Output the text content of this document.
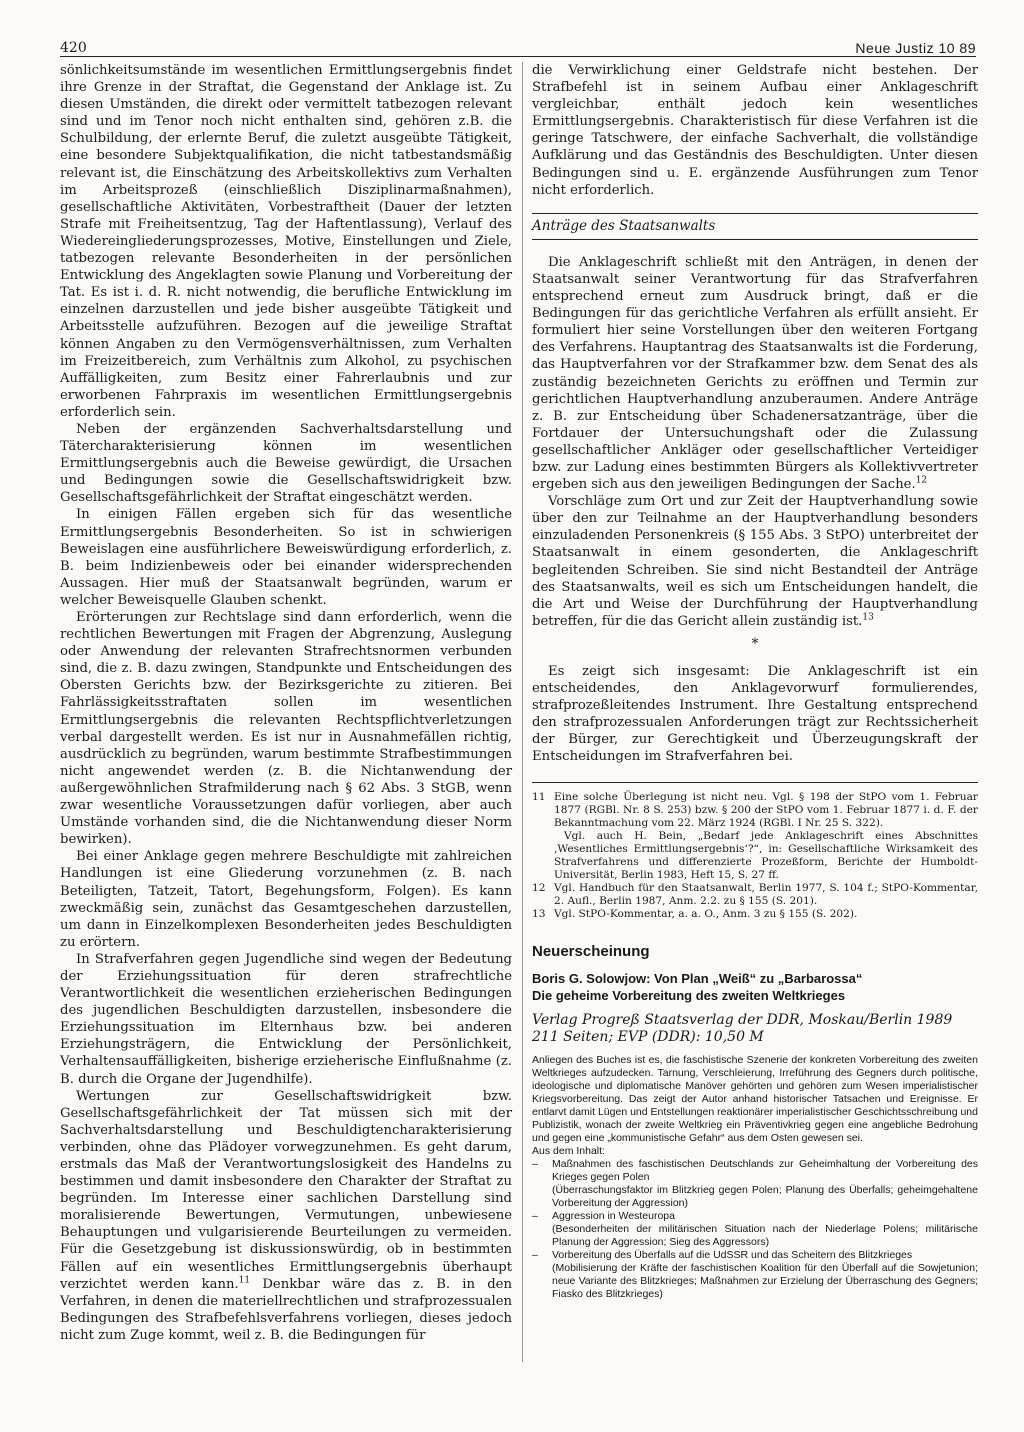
420	Neue Justiz 10 89

sönlichkeitsumstände im wesentlichen Ermittlungsergebnis findet ihre Grenze in der Straftat, die Gegenstand der Anklage ist. Zu diesen Umständen, die direkt oder vermittelt tatbezogen relevant sind und im Tenor noch nicht enthalten sind, gehören z.B. die Schulbildung, der erlernte Beruf, die zuletzt ausgeübte Tätigkeit, eine besondere Subjektqualifikation, die nicht tatbestandsmäßig relevant ist, die Einschätzung des Arbeitskollektivs zum Verhalten im Arbeitsprozeß (einschließlich Disziplinarmaßnahmen), gesellschaftliche Aktivitäten, Vorbestraftheit (Dauer der letzten Strafe mit Freiheitsentzug, Tag der Haftentlassung), Verlauf des Wiedereingliederungsprozesses, Motive, Einstellungen und Ziele, tatbezogen relevante Besonderheiten in der persönlichen Entwicklung des Angeklagten sowie Planung und Vorbereitung der Tat. Es ist i. d. R. nicht notwendig, die berufliche Entwicklung im einzelnen darzustellen und jede bisher ausgeübte Tätigkeit und Arbeitsstelle aufzuführen. Bezogen auf die jeweilige Straftat können Angaben zu den Vermögensverhältnissen, zum Verhalten im Freizeitbereich, zum Verhältnis zum Alkohol, zu psychischen Auffälligkeiten, zum Besitz einer Fahrerlaubnis und zur erworbenen Fahrpraxis im wesentlichen Ermittlungsergebnis erforderlich sein.

Neben der ergänzenden Sachverhaltsdarstellung und Tätercharakterisierung können im wesentlichen Ermittlungsergebnis auch die Beweise gewürdigt, die Ursachen und Bedingungen sowie die Gesellschaftswidrigkeit bzw. Gesellschaftsgefährlichkeit der Straftat eingeschätzt werden.

In einigen Fällen ergeben sich für das wesentliche Ermittlungsergebnis Besonderheiten. So ist in schwierigen Beweislagen eine ausführlichere Beweiswürdigung erforderlich, z. B. beim Indizienbeweis oder bei einander widersprechenden Aussagen. Hier muß der Staatsanwalt begründen, warum er welcher Beweisquelle Glauben schenkt.

Erörterungen zur Rechtslage sind dann erforderlich, wenn die rechtlichen Bewertungen mit Fragen der Abgrenzung, Auslegung oder Anwendung der relevanten Strafrechtsnormen verbunden sind, die z. B. dazu zwingen, Standpunkte und Entscheidungen des Obersten Gerichts bzw. der Bezirksgerichte zu zitieren. Bei Fahrlässigkeitsstraftaten sollen im wesentlichen Ermittlungsergebnis die relevanten Rechtspflichtverletzungen verbal dargestellt werden. Es ist nur in Ausnahmefällen richtig, ausdrücklich zu begründen, warum bestimmte Strafbestimmungen nicht angewendet werden (z. B. die Nichtanwendung der außergewöhnlichen Strafmilderung nach § 62 Abs. 3 StGB, wenn zwar wesentliche Voraussetzungen dafür vorliegen, aber auch Umstände vorhanden sind, die die Nichtanwendung dieser Norm bewirken).

Bei einer Anklage gegen mehrere Beschuldigte mit zahlreichen Handlungen ist eine Gliederung vorzunehmen (z. B. nach Beteiligten, Tatzeit, Tatort, Begehungsform, Folgen). Es kann zweckmäßig sein, zunächst das Gesamtgeschehen darzustellen, um dann in Einzelkomplexen Besonderheiten jedes Beschuldigten zu erörtern.

In Strafverfahren gegen Jugendliche sind wegen der Bedeutung der Erziehungssituation für deren strafrechtliche Verantwortlichkeit die wesentlichen erzieherischen Bedingungen des jugendlichen Beschuldigten darzustellen, insbesondere die Erziehungssituation im Elternhaus bzw. bei anderen Erziehungsträgern, die Entwicklung der Persönlichkeit, Verhaltensauffälligkeiten, bisherige erzieherische Einflußnahme (z. B. durch die Organe der Jugendhilfe).

Wertungen zur Gesellschaftswidrigkeit bzw. Gesellschaftsgefährlichkeit der Tat müssen sich mit der Sachverhaltsdarstellung und Beschuldigtencharakterisierung verbinden, ohne das Plädoyer vorwegzunehmen. Es geht darum, erstmals das Maß der Verantwortungslosigkeit des Handelns zu bestimmen und damit insbesondere den Charakter der Straftat zu begründen. Im Interesse einer sachlichen Darstellung sind moralisierende Bewertungen, Vermutungen, unbewiesene Behauptungen und vulgarisierende Beurteilungen zu vermeiden. Für die Gesetzgebung ist diskussionswürdig, ob in bestimmten Fällen auf ein wesentliches Ermittlungsergebnis überhaupt verzichtet werden kann.$^{11}$ Denkbar wäre das z. B. in den Verfahren, in denen die materiellrechtlichen und strafprozessualen Bedingungen des Strafbefehlsverfahrens vorliegen, dieses jedoch nicht zum Zuge kommt, weil z. B. die Bedingungen für

die Verwirklichung einer Geldstrafe nicht bestehen. Der Strafbefehl ist in seinem Aufbau einer Anklageschrift vergleichbar, enthält jedoch kein wesentliches Ermittlungsergebnis. Charakteristisch für diese Verfahren ist die geringe Tatschwere, der einfache Sachverhalt, die vollständige Aufklärung und das Geständnis des Beschuldigten. Unter diesen Bedingungen sind u. E. ergänzende Ausführungen zum Tenor nicht erforderlich.

Anträge des Staatsanwalts

Die Anklageschrift schließt mit den Anträgen, in denen der Staatsanwalt seiner Verantwortung für das Strafverfahren entsprechend erneut zum Ausdruck bringt, daß er die Bedingungen für das gerichtliche Verfahren als erfüllt ansieht. Er formuliert hier seine Vorstellungen über den weiteren Fortgang des Verfahrens. Hauptantrag des Staatsanwalts ist die Forderung, das Hauptverfahren vor der Strafkammer bzw. dem Senat des als zuständig bezeichneten Gerichts zu eröffnen und Termin zur gerichtlichen Hauptverhandlung anzuberaumen. Andere Anträge z. B. zur Entscheidung über Schadenersatzanträge, über die Fortdauer der Untersuchungshaft oder die Zulassung gesellschaftlicher Ankläger oder gesellschaftlicher Verteidiger bzw. zur Ladung eines bestimmten Bürgers als Kollektivvertreter ergeben sich aus den jeweiligen Bedingungen der Sache.$^{12}$

Vorschläge zum Ort und zur Zeit der Hauptverhandlung sowie über den zur Teilnahme an der Hauptverhandlung besonders einzuladenden Personenkreis (§ 155 Abs. 3 StPO) unterbreitet der Staatsanwalt in einem gesonderten, die Anklageschrift begleitenden Schreiben. Sie sind nicht Bestandteil der Anträge des Staatsanwalts, weil es sich um Entscheidungen handelt, die die Art und Weise der Durchführung der Hauptverhandlung betreffen, für die das Gericht allein zuständig ist.$^{13}$

*

Es zeigt sich insgesamt: Die Anklageschrift ist ein entscheidendes, den Anklagevorwurf formulierendes, strafprozeßleitendes Instrument. Ihre Gestaltung entsprechend den strafprozessualen Anforderungen trägt zur Rechtssicherheit der Bürger, zur Gerechtigkeit und Überzeugungskraft der Entscheidungen im Strafverfahren bei.

11 Eine solche Überlegung ist nicht neu. Vgl. § 198 der StPO vom 1. Februar 1877 (RGBl. Nr. 8 S. 253) bzw. § 200 der StPO vom 1. Februar 1877 i. d. F. der Bekanntmachung vom 22. März 1924 (RGBl. I Nr. 25 S. 322).
Vgl. auch H. Bein, „Bedarf jede Anklageschrift eines Abschnittes ‚Wesentliches Ermittlungsergebnis‘?“, in: Gesellschaftliche Wirksamkeit des Strafverfahrens und differenzierte Prozeßform, Berichte der Humboldt-Universität, Berlin 1983, Heft 15, S. 27 ff.
12 Vgl. Handbuch für den Staatsanwalt, Berlin 1977, S. 104 f.; StPO-Kommentar, 2. Aufl., Berlin 1987, Anm. 2.2. zu § 155 (S. 201).
13 Vgl. StPO-Kommentar, a. a. O., Anm. 3 zu § 155 (S. 202).
Neuerscheinung
Boris G. Solowjow: Von Plan „Weiß“ zu „Barbarossa“
Die geheime Vorbereitung des zweiten Weltkrieges
Verlag Progreß Staatsverlag der DDR, Moskau/Berlin 1989
211 Seiten; EVP (DDR): 10,50 M

Anliegen des Buches ist es, die faschistische Szenerie der konkreten Vorbereitung des zweiten Weltkrieges aufzudecken. Tarnung, Verschleierung, Irreführung des Gegners durch politische, ideologische und diplomatische Manöver gehörten und gehören zum Wesen imperialistischer Kriegsvorbereitung. Das zeigt der Autor anhand historischer Tatsachen und Ereignisse. Er entlarvt damit Lügen und Entstellungen reaktionärer imperialistischer Geschichtsschreibung und Publizistik, wonach der zweite Weltkrieg ein Präventivkrieg gegen eine angebliche Bedrohung und gegen eine „kommunistische Gefahr“ aus dem Osten gewesen sei.

Aus dem Inhalt:

–	Maßnahmen des faschistischen Deutschlands zur Geheimhaltung der Vorbereitung des Krieges gegen Polen
(Überraschungsfaktor im Blitzkrieg gegen Polen; Planung des Überfalls; geheimgehaltene Vorbereitung der Aggression)
–	Aggression in Westeuropa
(Besonderheiten der militärischen Situation nach der Niederlage Polens; militärische Planung der Aggression; Sieg des Aggressors)
–	Vorbereitung des Überfalls auf die UdSSR und das Scheitern des Blitzkrieges
(Mobilisierung der Kräfte der faschistischen Koalition für den Überfall auf die Sowjetunion; neue Variante des Blitzkrieges; Maßnahmen zur Erzielung der Überraschung des Gegners; Fiasko des Blitzkrieges)
